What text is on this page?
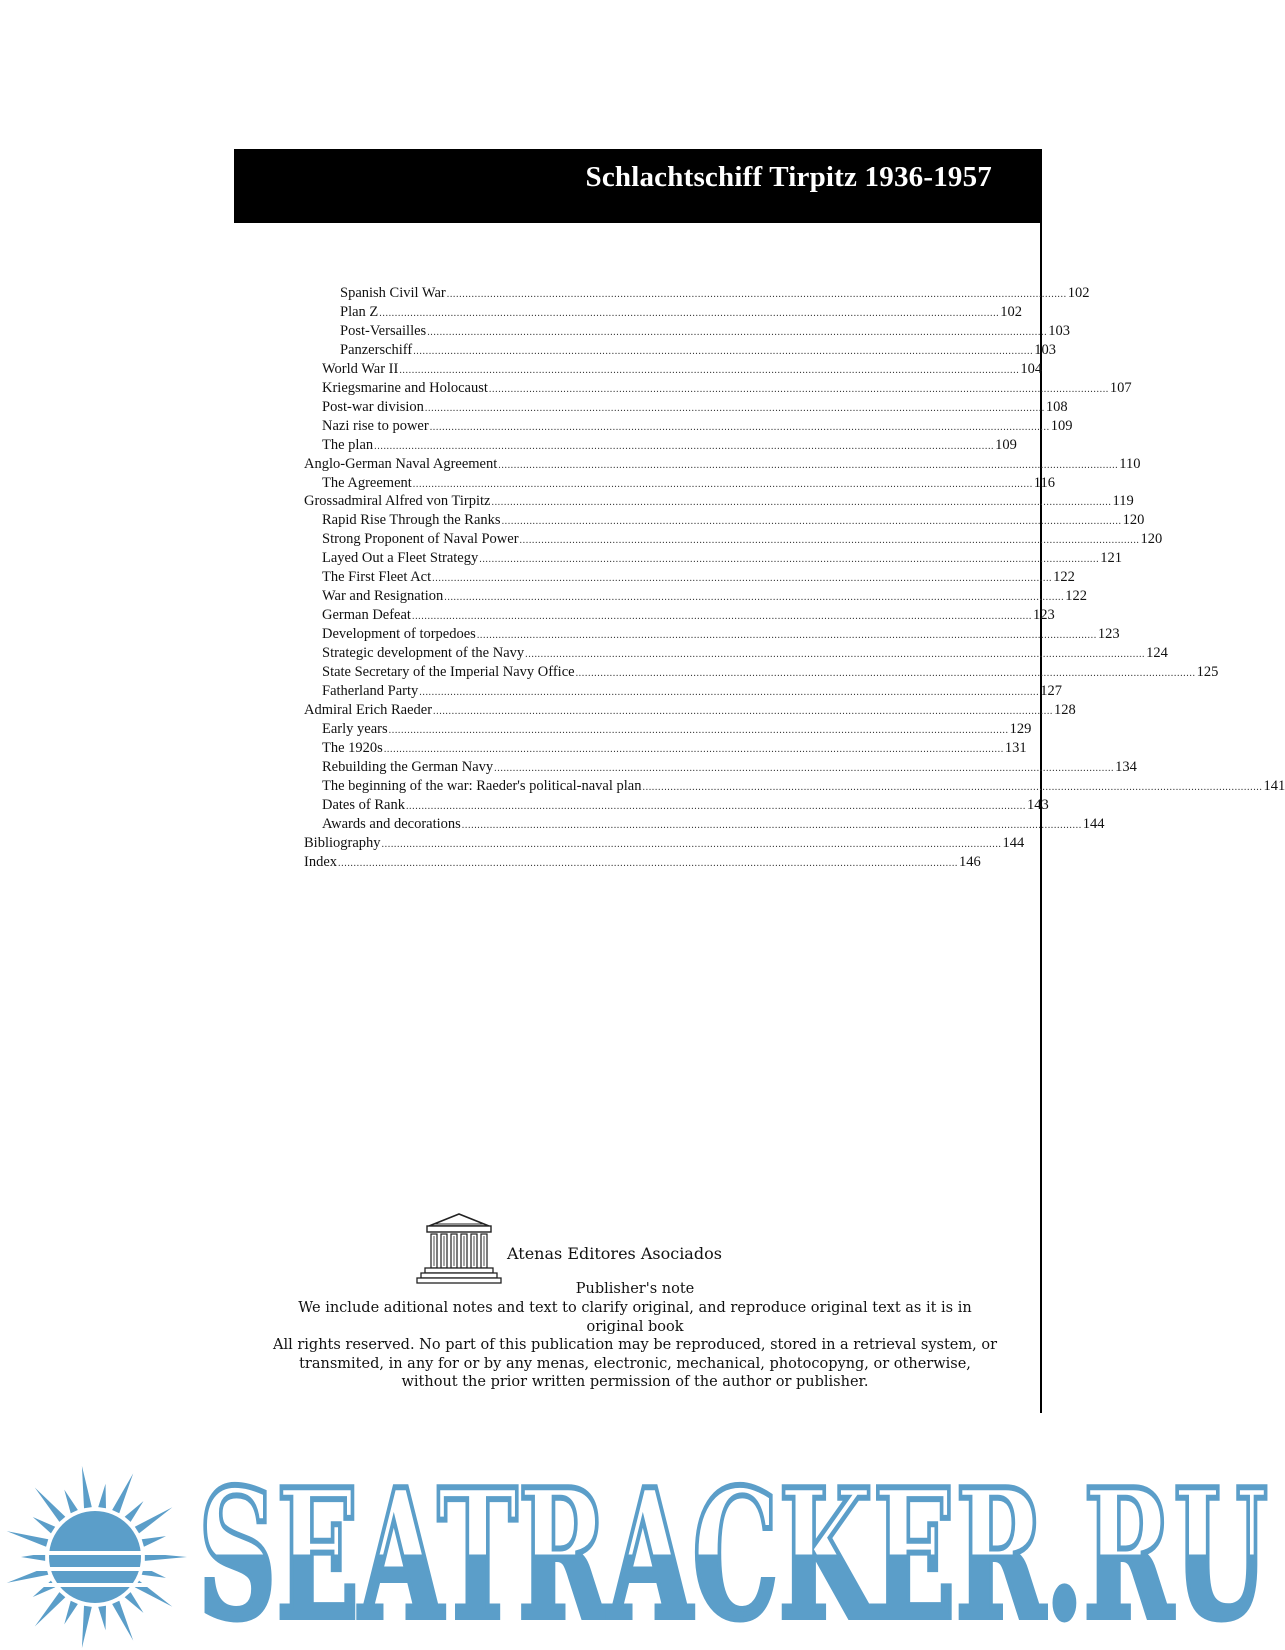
Schlachtschiff Tirpitz 1936-1957
Spanish Civil War ........................................................................................................................................................................................................ 102
Plan Z ........................................................................................................................................................................................................ 102
Post-Versailles ........................................................................................................................................................................................................ 103
Panzerschiff ........................................................................................................................................................................................................ 103
World War II ........................................................................................................................................................................................................ 104
Kriegsmarine and Holocaust ........................................................................................................................................................................................................ 107
Post-war division ........................................................................................................................................................................................................ 108
Nazi rise to power ........................................................................................................................................................................................................ 109
The plan ........................................................................................................................................................................................................ 109
Anglo-German Naval Agreement ........................................................................................................................................................................................................ 110
The Agreement ........................................................................................................................................................................................................ 116
Grossadmiral Alfred von Tirpitz ........................................................................................................................................................................................................ 119
Rapid Rise Through the Ranks ........................................................................................................................................................................................................ 120
Strong Proponent of Naval Power ........................................................................................................................................................................................................ 120
Layed Out a Fleet Strategy ........................................................................................................................................................................................................ 121
The First Fleet Act ........................................................................................................................................................................................................ 122
War and Resignation ........................................................................................................................................................................................................ 122
German Defeat ........................................................................................................................................................................................................ 123
Development of torpedoes ........................................................................................................................................................................................................ 123
Strategic development of the Navy ........................................................................................................................................................................................................ 124
State Secretary of the Imperial Navy Office ........................................................................................................................................................................................................ 125
Fatherland Party ........................................................................................................................................................................................................ 127
Admiral Erich Raeder ........................................................................................................................................................................................................ 128
Early years ........................................................................................................................................................................................................ 129
The 1920s ........................................................................................................................................................................................................ 131
Rebuilding the German Navy ........................................................................................................................................................................................................ 134
The beginning of the war: Raeder's political-naval plan ........................................................................................................................................................................................................ 141
Dates of Rank ........................................................................................................................................................................................................ 143
Awards and decorations ........................................................................................................................................................................................................ 144
Bibliography ........................................................................................................................................................................................................ 144
Index ........................................................................................................................................................................................................ 146
Atenas Editores Asociados
Publisher's note
We include aditional notes and text to clarify original, and reproduce original text as it is in original book
All rights reserved. No part of this publication may be reproduced, stored in a retrieval system, or transmited, in any for or by any menas, electronic, mechanical, photocopyng, or otherwise, without the prior written permission of the author or publisher.
SEATRACKER.RU
